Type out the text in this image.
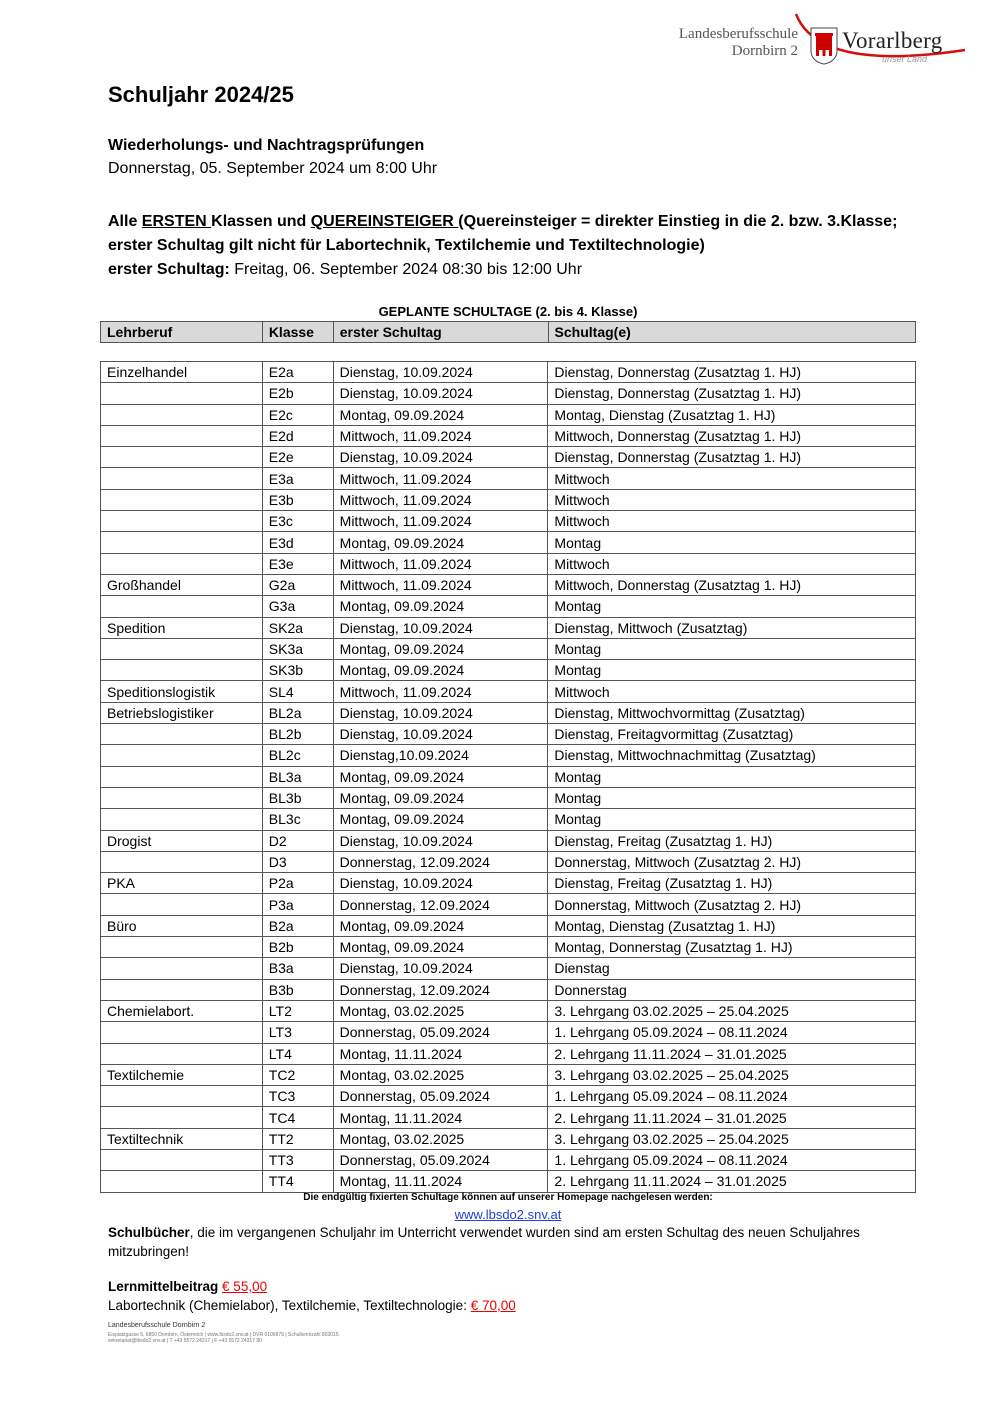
Landesberufsschule
Dornbirn 2 Vorarlberg
unser Land
Schuljahr 2024/25
Wiederholungs- und Nachtragsprüfungen
Donnerstag, 05. September 2024 um 8:00 Uhr
Alle ERSTEN Klassen und QUEREINSTEIGER (Quereinsteiger = direkter Einstieg in die 2. bzw. 3.Klasse; erster Schultag gilt nicht für Labortechnik, Textilchemie und Textiltechnologie)
erster Schultag: Freitag, 06. September 2024 08:30 bis 12:00 Uhr
GEPLANTE SCHULTAGE (2. bis 4. Klasse)
Lehrberuf	Klasse	erster Schultag	Schultag(e)
Einzelhandel	E2a	Dienstag, 10.09.2024	Dienstag, Donnerstag (Zusatztag 1. HJ)
	E2b	Dienstag, 10.09.2024	Dienstag, Donnerstag (Zusatztag 1. HJ)
	E2c	Montag, 09.09.2024	Montag, Dienstag (Zusatztag 1. HJ)
	E2d	Mittwoch, 11.09.2024	Mittwoch, Donnerstag (Zusatztag 1. HJ)
	E2e	Dienstag, 10.09.2024	Dienstag, Donnerstag (Zusatztag 1. HJ)
	E3a	Mittwoch, 11.09.2024	Mittwoch
	E3b	Mittwoch, 11.09.2024	Mittwoch
	E3c	Mittwoch, 11.09.2024	Mittwoch
	E3d	Montag, 09.09.2024	Montag
	E3e	Mittwoch, 11.09.2024	Mittwoch
Großhandel	G2a	Mittwoch, 11.09.2024	Mittwoch, Donnerstag (Zusatztag 1. HJ)
	G3a	Montag, 09.09.2024	Montag
Spedition	SK2a	Dienstag, 10.09.2024	Dienstag, Mittwoch (Zusatztag)
	SK3a	Montag, 09.09.2024	Montag
	SK3b	Montag, 09.09.2024	Montag
Speditionslogistik	SL4	Mittwoch, 11.09.2024	Mittwoch
Betriebslogistiker	BL2a	Dienstag, 10.09.2024	Dienstag, Mittwochvormittag (Zusatztag)
	BL2b	Dienstag, 10.09.2024	Dienstag, Freitagvormittag (Zusatztag)
	BL2c	Dienstag,10.09.2024	Dienstag, Mittwochnachmittag (Zusatztag)
	BL3a	Montag, 09.09.2024	Montag
	BL3b	Montag, 09.09.2024	Montag
	BL3c	Montag, 09.09.2024	Montag
Drogist	D2	Dienstag, 10.09.2024	Dienstag, Freitag (Zusatztag 1. HJ)
	D3	Donnerstag, 12.09.2024	Donnerstag, Mittwoch (Zusatztag 2. HJ)
PKA	P2a	Dienstag, 10.09.2024	Dienstag, Freitag (Zusatztag 1. HJ)
	P3a	Donnerstag, 12.09.2024	Donnerstag, Mittwoch (Zusatztag 2. HJ)
Büro	B2a	Montag, 09.09.2024	Montag, Dienstag (Zusatztag 1. HJ)
	B2b	Montag, 09.09.2024	Montag, Donnerstag (Zusatztag 1. HJ)
	B3a	Dienstag, 10.09.2024	Dienstag
	B3b	Donnerstag, 12.09.2024	Donnerstag
Chemielabort.	LT2	Montag, 03.02.2025	3. Lehrgang 03.02.2025 – 25.04.2025
	LT3	Donnerstag, 05.09.2024	1. Lehrgang 05.09.2024 – 08.11.2024
	LT4	Montag, 11.11.2024	2. Lehrgang 11.11.2024 – 31.01.2025
Textilchemie	TC2	Montag, 03.02.2025	3. Lehrgang 03.02.2025 – 25.04.2025
	TC3	Donnerstag, 05.09.2024	1. Lehrgang 05.09.2024 – 08.11.2024
	TC4	Montag, 11.11.2024	2. Lehrgang 11.11.2024 – 31.01.2025
Textiltechnik	TT2	Montag, 03.02.2025	3. Lehrgang 03.02.2025 – 25.04.2025
	TT3	Donnerstag, 05.09.2024	1. Lehrgang 05.09.2024 – 08.11.2024
	TT4	Montag, 11.11.2024	2. Lehrgang 11.11.2024 – 31.01.2025
Die endgültig fixierten Schultage können auf unserer Homepage nachgelesen werden:
www.lbsdo2.snv.at
Schulbücher, die im vergangenen Schuljahr im Unterricht verwendet wurden sind am ersten Schultag des neuen Schuljahres mitzubringen!
Lernmittelbeitrag € 55,00
Labortechnik (Chemielabor), Textilchemie, Textiltechnologie: € 70,00
Landesberufsschule Dornbirn 2
Eisplatzgasse 5, 6850 Dornbirn, Österreich | www.lbsdo2.snv.at | DVR 0106879 | Schulkennzahl 803015
sekretariat@lbsdo2.snv.at | T +43 5572 24317 | F +43 5572 24317 80
